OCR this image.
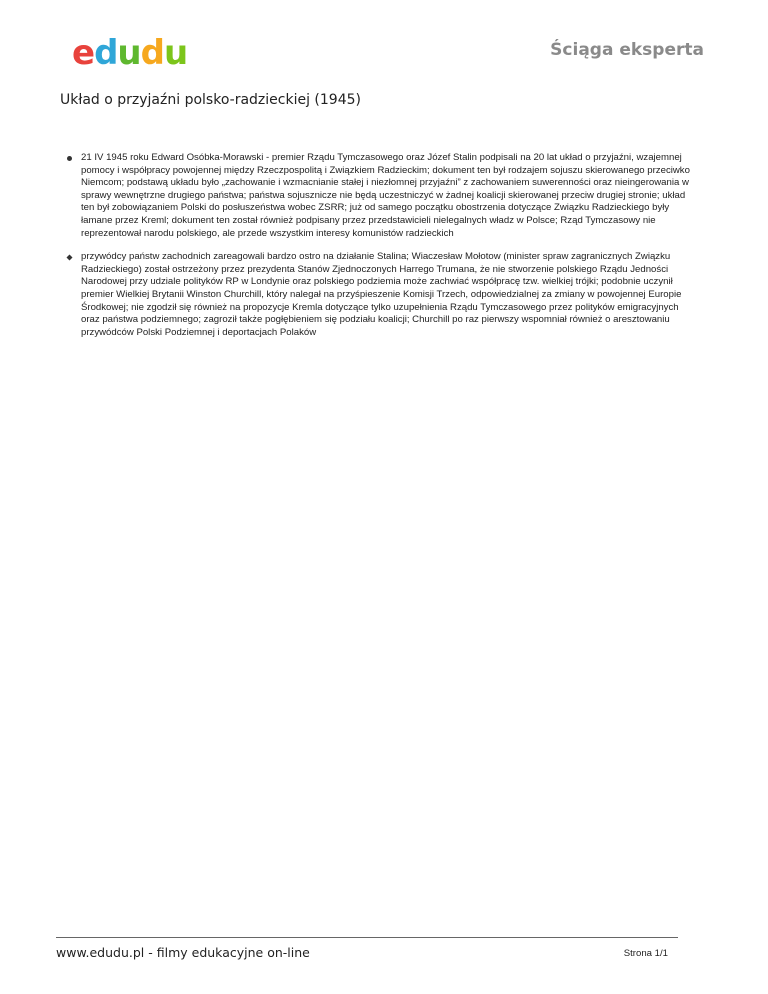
e d u d u	Ściąga eksperta
Układ o przyjaźni polsko-radzieckiej (1945)
21 IV 1945 roku Edward Osóbka-Morawski - premier Rządu Tymczasowego oraz Józef Stalin podpisali na 20 lat układ o przyjaźni, wzajemnej pomocy i współpracy powojennej między Rzeczpospolitą i Związkiem Radzieckim; dokument ten był rodzajem sojuszu skierowanego przeciwko Niemcom; podstawą układu było „zachowanie i wzmacnianie stałej i niezłomnej przyjaźni” z zachowaniem suwerenności oraz nieingerowania w sprawy wewnętrzne drugiego państwa; państwa sojusznicze nie będą uczestniczyć w żadnej koalicji skierowanej przeciw drugiej stronie; układ ten był zobowiązaniem Polski do posłuszeństwa wobec ZSRR; już od samego początku obostrzenia dotyczące Związku Radzieckiego były łamane przez Kreml; dokument ten został również podpisany przez przedstawicieli nielegalnych władz w Polsce; Rząd Tymczasowy nie reprezentował narodu polskiego, ale przede wszystkim interesy komunistów radzieckich
przywódcy państw zachodnich zareagowali bardzo ostro na działanie Stalina; Wiaczesław Mołotow (minister spraw zagranicznych Związku Radzieckiego) został ostrzeżony przez prezydenta Stanów Zjednoczonych Harrego Trumana, że nie stworzenie polskiego Rządu Jedności Narodowej przy udziale polityków RP w Londynie oraz polskiego podziemia może zachwiać współpracę tzw. wielkiej trójki; podobnie uczynił premier Wielkiej Brytanii Winston Churchill, który nalegał na przyśpieszenie Komisji Trzech, odpowiedzialnej za zmiany w powojennej Europie Środkowej; nie zgodził się również na propozycje Kremla dotyczące tylko uzupełnienia Rządu Tymczasowego przez polityków emigracyjnych oraz państwa podziemnego; zagroził także pogłębieniem się podziału koalicji; Churchill po raz pierwszy wspomniał również o aresztowaniu przywódców Polski Podziemnej i deportacjach Polaków
www.edudu.pl - filmy edukacyjne on-line	Strona 1/1
